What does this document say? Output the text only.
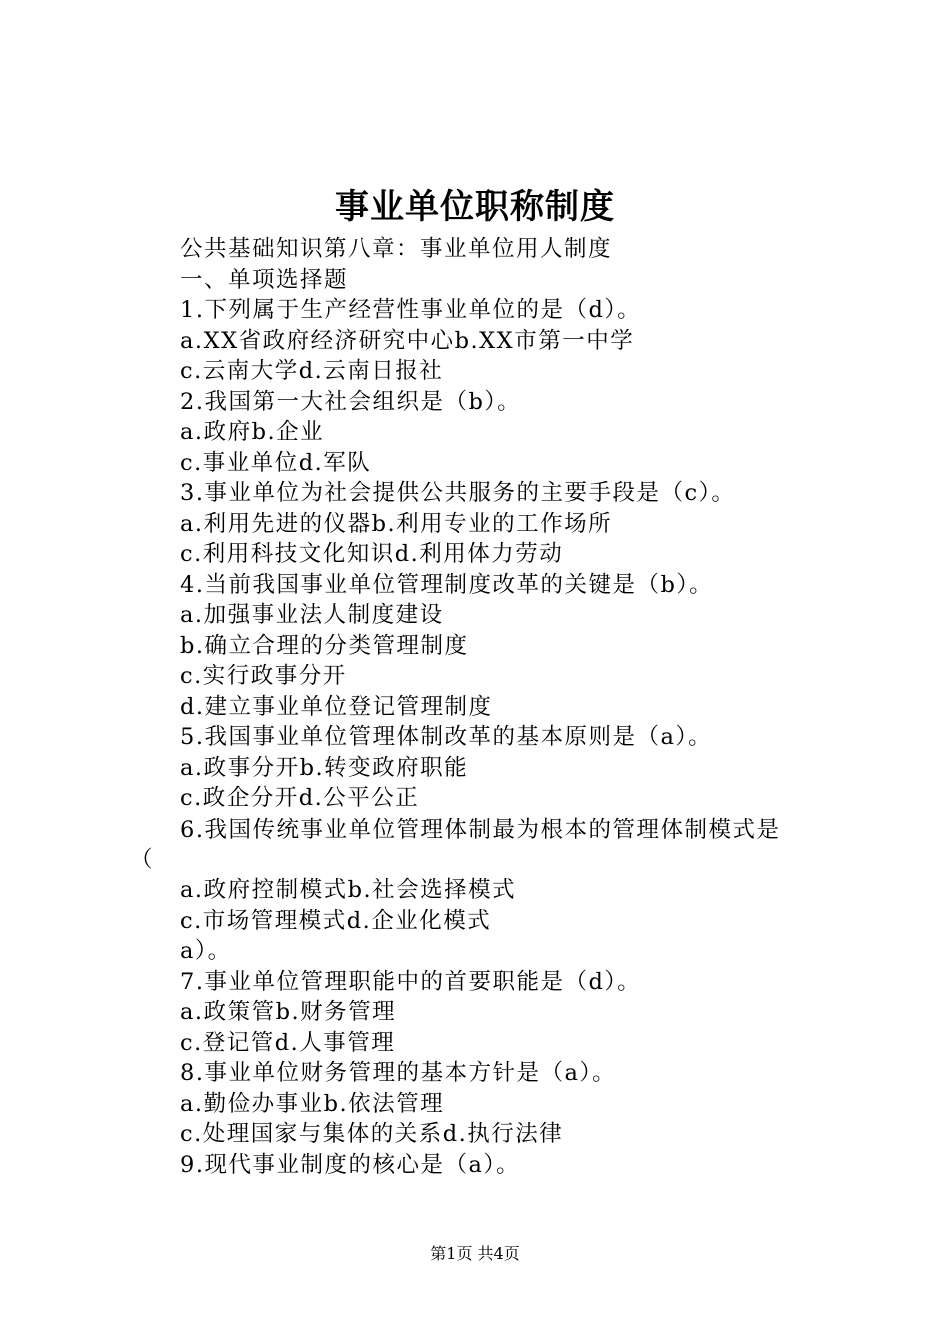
事业单位职称制度
公共基础知识第八章：事业单位用人制度
一、单项选择题
1.下列属于生产经营性事业单位的是（d）。
a.XX省政府经济研究中心b.XX市第一中学
c.云南大学d.云南日报社
2.我国第一大社会组织是（b）。
a.政府b.企业
c.事业单位d.军队
3.事业单位为社会提供公共服务的主要手段是（c）。
a.利用先进的仪器b.利用专业的工作场所
c.利用科技文化知识d.利用体力劳动
4.当前我国事业单位管理制度改革的关键是（b）。
a.加强事业法人制度建设
b.确立合理的分类管理制度
c.实行政事分开
d.建立事业单位登记管理制度
5.我国事业单位管理体制改革的基本原则是（a）。
a.政事分开b.转变政府职能
c.政企分开d.公平公正
6.我国传统事业单位管理体制最为根本的管理体制模式是
（
a.政府控制模式b.社会选择模式
c.市场管理模式d.企业化模式
a）。
7.事业单位管理职能中的首要职能是（d）。
a.政策管b.财务管理
c.登记管d.人事管理
8.事业单位财务管理的基本方针是（a）。
a.勤俭办事业b.依法管理
c.处理国家与集体的关系d.执行法律
9.现代事业制度的核心是（a）。
第1页 共4页
